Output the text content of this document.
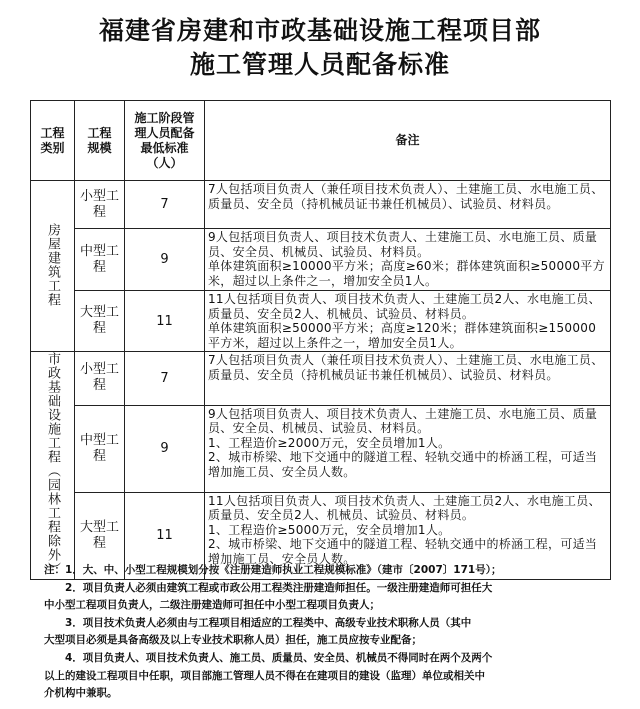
福建省房建和市政基础设施工程项目部
施工管理人员配备标准
工程类别	工程规模	施工阶段管理人员配备最低标准（人）	备注
房屋建筑工程	小型工程	7	7人包括项目负责人（兼任项目技术负责人）、土建施工员、水电施工员、质量员、安全员（持机械员证书兼任机械员）、试验员、材料员。

	中型工程	9	9人包括项目负责人、项目技术负责人、土建施工员、水电施工员、质量员、安全员、机械员、试验员、材料员。
单体建筑面积≥10000平方米；高度≥60米；群体建筑面积≥50000平方米，超过以上条件之一，增加安全员1人。

	大型工程	11	11人包括项目负责人、项目技术负责人、土建施工员2人、水电施工员、质量员、安全员2人、机械员、试验员、材料员。
单体建筑面积≥50000平方米；高度≥120米；群体建筑面积≥150000平方米，超过以上条件之一，增加安全员1人。

市政基础设施工程（园林工程除外）	小型工程	7	7人包括项目负责人（兼任项目技术负责人）、土建施工员、水电施工员、质量员、安全员（持机械员证书兼任机械员）、试验员、材料员。

	中型工程	9	9人包括项目负责人、项目技术负责人、土建施工员、水电施工员、质量员、安全员、机械员、试验员、材料员。
1、工程造价≥2000万元，安全员增加1人。
2、城市桥梁、地下交通中的隧道工程、轻轨交通中的桥涵工程，可适当增加施工员、安全员人数。

	大型工程	11	11人包括项目负责人、项目技术负责人、土建施工员2人、水电施工员、质量员、安全员2人、机械员、试验员、材料员。
1、工程造价≥5000万元，安全员增加1人。
2、城市桥梁、地下交通中的隧道工程、轻轨交通中的桥涵工程，可适当增加施工员、安全员人数。
注：1．大、中、小型工程规模划分按《注册建造师执业工程规模标准》（建市〔2007〕171号）；
　　2．项目负责人必须由建筑工程或市政公用工程类注册建造师担任。一级注册建造师可担任大
中小型工程项目负责人，二级注册建造师可担任中小型工程项目负责人；
　　3．项目技术负责人必须由与工程项目相适应的工程类中、高级专业技术职称人员（其中
大型项目必须是具备高级及以上专业技术职称人员）担任，施工员应按专业配备；
　　4．项目负责人、项目技术负责人、施工员、质量员、安全员、机械员不得同时在两个及两个
以上的建设工程项目中任职，项目部施工管理人员不得在在建项目的建设（监理）单位或相关中
介机构中兼职。
